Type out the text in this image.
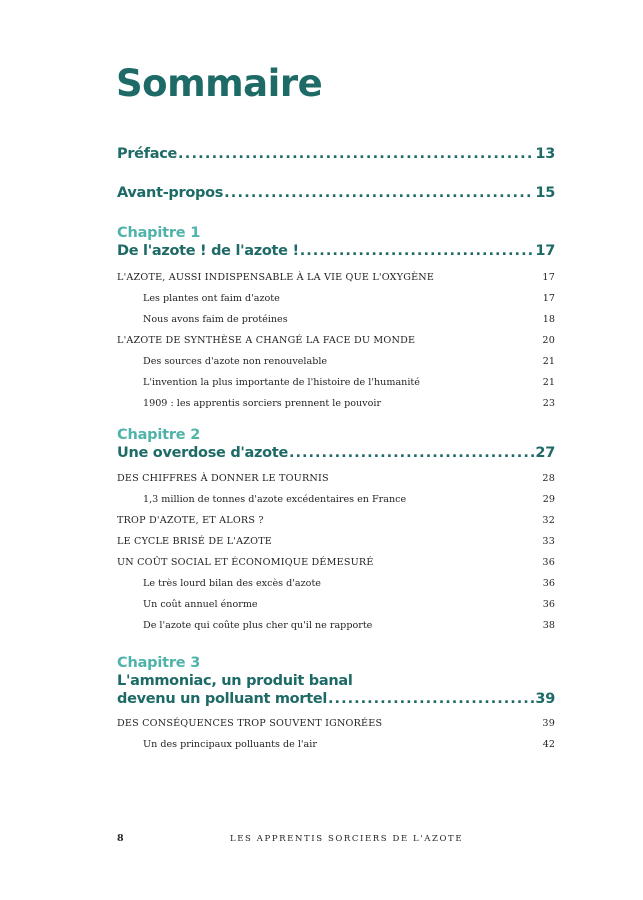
Sommaire
Préface .....	13
Avant-propos .....	15
Chapitre 1
De l'azote ! de l'azote ! .....	17
L'AZOTE, AUSSI INDISPENSABLE À LA VIE QUE L'OXYGÈNE .....	17
Les plantes ont faim d'azote .....	17
Nous avons faim de protéines .....	18
L'AZOTE DE SYNTHÈSE A CHANGÉ LA FACE DU MONDE .....	20
Des sources d'azote non renouvelable .....	21
L'invention la plus importante de l'histoire de l'humanité .....	21
1909 : les apprentis sorciers prennent le pouvoir .....	23
Chapitre 2
Une overdose d'azote .....	27
DES CHIFFRES À DONNER LE TOURNIS .....	28
1,3 million de tonnes d'azote excédentaires en France .....	29
TROP D'AZOTE, ET ALORS ? .....	32
LE CYCLE BRISÉ DE L'AZOTE .....	33
UN COÛT SOCIAL ET ÉCONOMIQUE DÉMESURÉ .....	36
Le très lourd bilan des excès d'azote .....	36
Un coût annuel énorme .....	36
De l'azote qui coûte plus cher qu'il ne rapporte .....	38
Chapitre 3
L'ammoniac, un produit banal
devenu un polluant mortel .....	39
DES CONSÉQUENCES TROP SOUVENT IGNORÉES .....	39
Un des principaux polluants de l'air .....	42
8	LES APPRENTIS SORCIERS DE L'AZOTE
